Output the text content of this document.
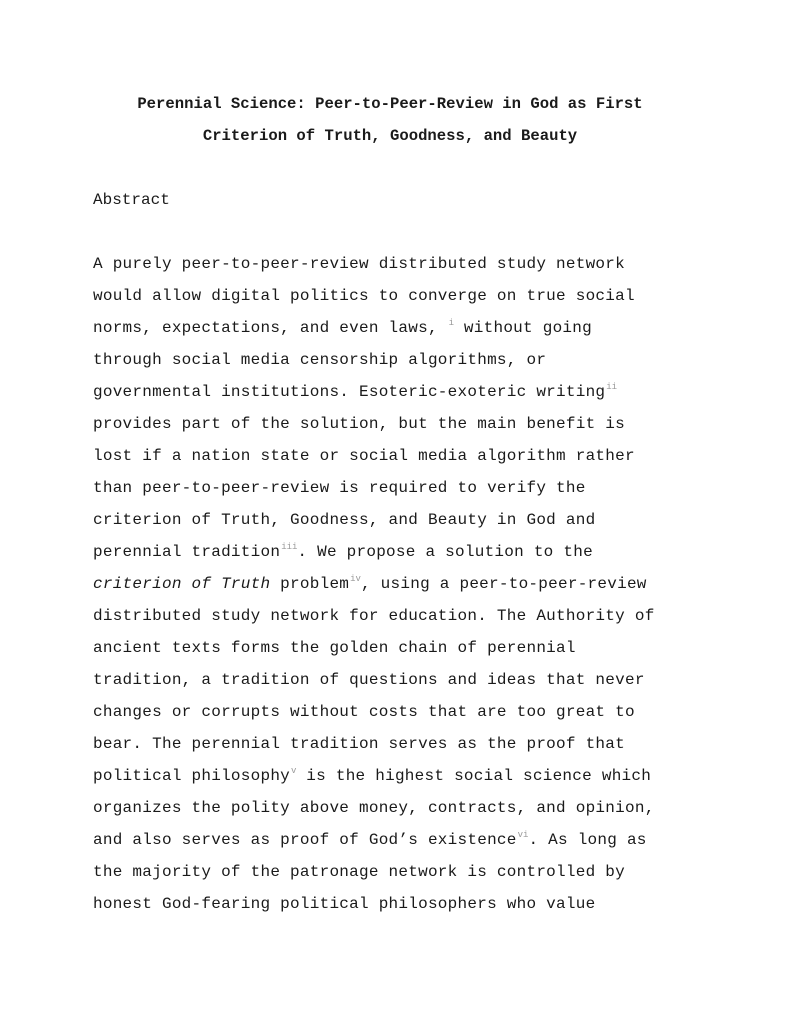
Perennial Science: Peer-to-Peer-Review in God as First
Criterion of Truth, Goodness, and Beauty
Abstract
A purely peer-to-peer-review distributed study network
would allow digital politics to converge on true social
norms, expectations, and even laws, $^i$ without going
through social media censorship algorithms, or
governmental institutions. Esoteric-exoteric writing$^{ii}$
provides part of the solution, but the main benefit is
lost if a nation state or social media algorithm rather
than peer-to-peer-review is required to verify the
criterion of Truth, Goodness, and Beauty in God and
perennial tradition$^{iii}$. We propose a solution to the
criterion of Truth problem$^{iv}$, using a peer-to-peer-review
distributed study network for education. The Authority of
ancient texts forms the golden chain of perennial
tradition, a tradition of questions and ideas that never
changes or corrupts without costs that are too great to
bear. The perennial tradition serves as the proof that
political philosophy$^v$ is the highest social science which
organizes the polity above money, contracts, and opinion,
and also serves as proof of God’s existence$^{vi}$. As long as
the majority of the patronage network is controlled by
honest God-fearing political philosophers who value
